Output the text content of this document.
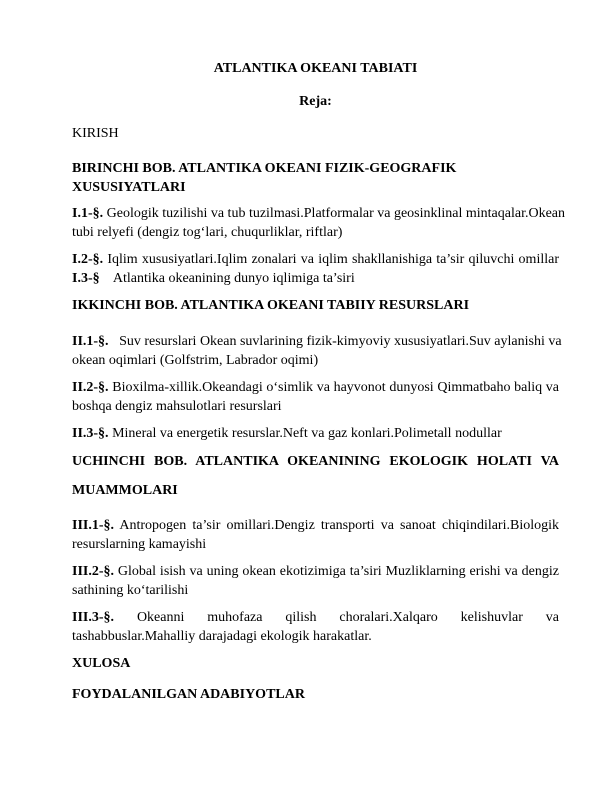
ATLANTIKA OKEANI TABIATI
Reja:
KIRISH
BIRINCHI BOB. ATLANTIKA OKEANI FIZIK-GEOGRAFIK
XUSUSIYATLARI
I.1-§. Geologik tuzilishi va tub tuzilmasi.Platformalar va geosinklinal mintaqalar.Okean
tubi relyefi (dengiz tog‘lari, chuqurliklar, riftlar)
I.2-§. Iqlim xususiyatlari.Iqlim zonalari va iqlim shakllanishiga ta’sir qiluvchi omillar
I.3-§ Atlantika okeanining dunyo iqlimiga ta’siri
IKKINCHI BOB. ATLANTIKA OKEANI TABIIY RESURSLARI
II.1-§. Suv resurslari Okean suvlarining fizik-kimyoviy xususiyatlari.Suv aylanishi va
okean oqimlari (Golfstrim, Labrador oqimi)
II.2-§. Bioxilma-xillik.Okeandagi o‘simlik va hayvonot dunyosi Qimmatbaho baliq va
boshqa dengiz mahsulotlari resurslari
II.3-§. Mineral va energetik resurslar.Neft va gaz konlari.Polimetall nodullar
UCHINCHI BOB. ATLANTIKA OKEANINING EKOLOGIK HOLATI VA
MUAMMOLARI
III.1-§. Antropogen ta’sir omillari.Dengiz transporti va sanoat chiqindilari.Biologik
resurslarning kamayishi
III.2-§. Global isish va uning okean ekotizimiga ta’siri Muzliklarning erishi va dengiz
sathining ko‘tarilishi
III.3-§. Okeanni muhofaza qilish choralari.Xalqaro kelishuvlar va
tashabbuslar.Mahalliy darajadagi ekologik harakatlar.
XULOSA
FOYDALANILGAN ADABIYOTLAR
